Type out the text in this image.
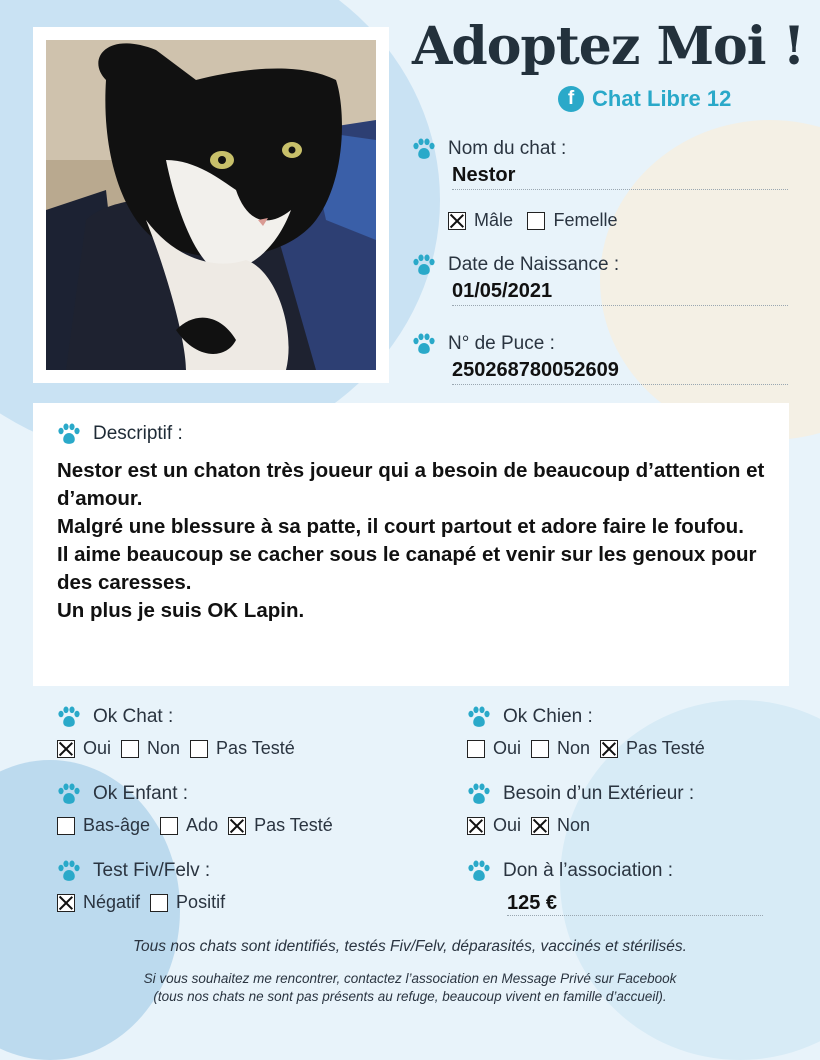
Adoptez Moi !
f Chat Libre 12
Nom du chat :
Nestor
Mâle
Femelle
Date de Naissance :
01/05/2021
N° de Puce :
250268780052609
Descriptif :

Nestor est un chaton très joueur qui a besoin de beaucoup d’attention et d’amour.

Malgré une blessure à sa patte, il court partout et adore faire le foufou.

Il aime beaucoup se cacher sous le canapé et venir sur les genoux pour des caresses.

Un plus je suis OK Lapin.

Ok Chat :
Oui Non Pas Testé
Ok Chien :
Oui Non Pas Testé
Ok Enfant :
Bas-âge Ado Pas Testé
Besoin d’un Extérieur :
Oui Non
Test Fiv/Felv :
Négatif Positif
Don à l’association :
125 €
Tous nos chats sont identifiés, testés Fiv/Felv, déparasités, vaccinés et stérilisés.
Si vous souhaitez me rencontrer, contactez l’association en Message Privé sur Facebook
(tous nos chats ne sont pas présents au refuge, beaucoup vivent en famille d’accueil).
